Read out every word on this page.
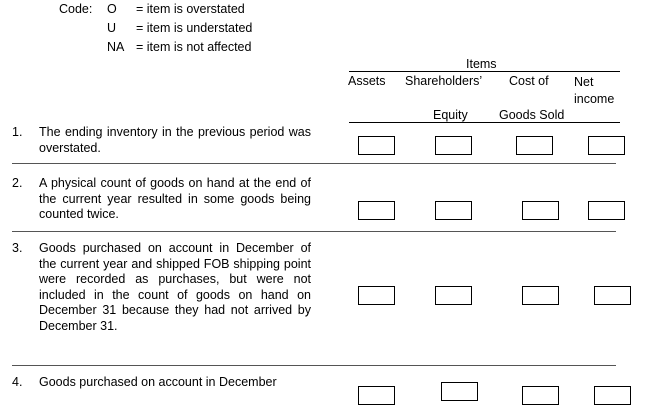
Code: O = item is overstated
U = item is understated
NA = item is not affected
Items
Assets Shareholders’
Equity
Cost of
Goods Sold
Net income
1. The ending inventory in the previous period was overstated.
2. A physical count of goods on hand at the end of the current year resulted in some goods being counted twice.
3. Goods purchased on account in December of the current year and shipped FOB shipping point were recorded as purchases, but were not included in the count of goods on hand on December 31 because they had not arrived by December 31.
4. Goods purchased on account in December
